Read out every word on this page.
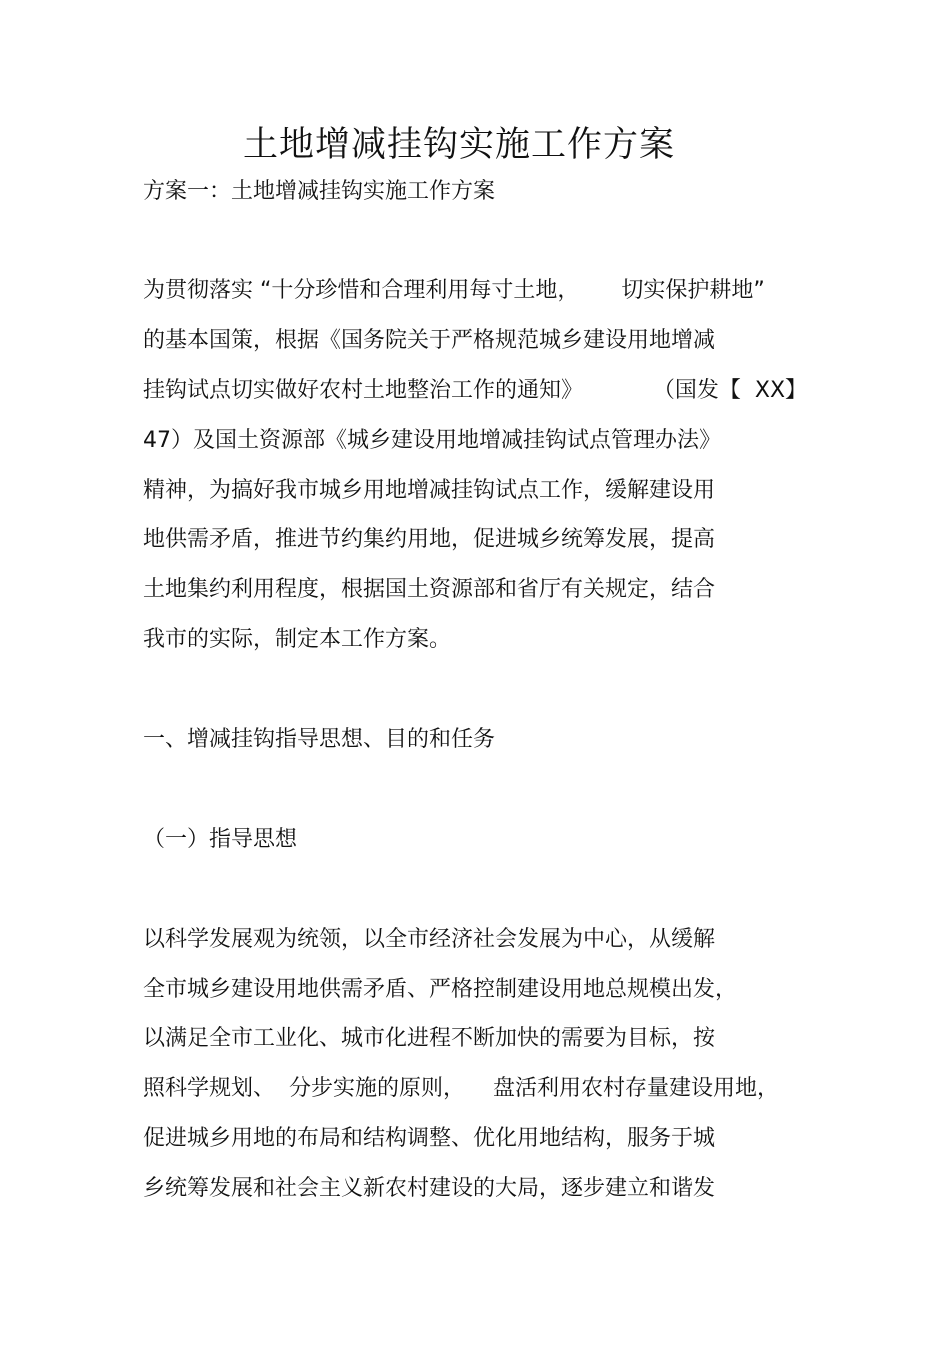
土地增减挂钩实施工作方案
方案一：土地增减挂钩实施工作方案
为贯彻落实 “十分珍惜和合理利用每寸土地，      切实保护耕地”
的基本国策，根据《国务院关于严格规范城乡建设用地增减
挂钩试点切实做好农村土地整治工作的通知》          （国发【  XX】
47）及国土资源部《城乡建设用地增减挂钩试点管理办法》
精神，为搞好我市城乡用地增减挂钩试点工作，缓解建设用
地供需矛盾，推进节约集约用地，促进城乡统筹发展，提高
土地集约利用程度，根据国土资源部和省厅有关规定，结合
我市的实际，制定本工作方案。
一、增减挂钩指导思想、目的和任务
（一）指导思想
以科学发展观为统领，以全市经济社会发展为中心，从缓解
全市城乡建设用地供需矛盾、严格控制建设用地总规模出发，
以满足全市工业化、城市化进程不断加快的需要为目标，按
照科学规划、  分步实施的原则，    盘活利用农村存量建设用地，
促进城乡用地的布局和结构调整、优化用地结构，服务于城
乡统筹发展和社会主义新农村建设的大局，逐步建立和谐发
